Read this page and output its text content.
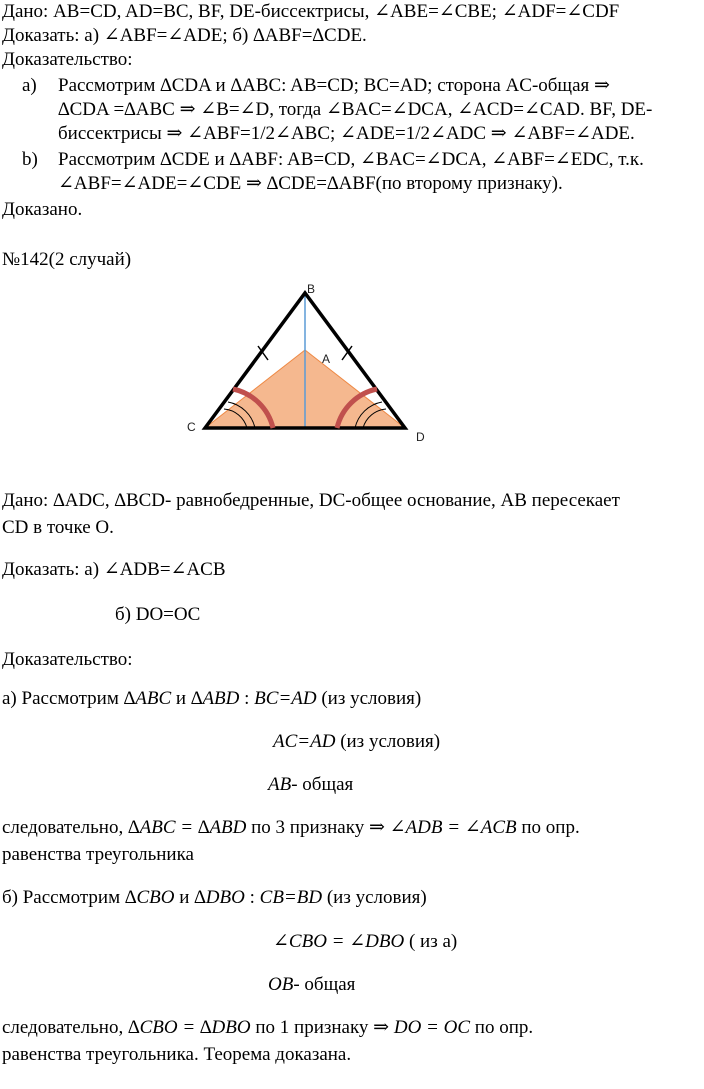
Дано: AB=CD, AD=BC, BF, DE-биссектрисы, ∠ABE=∠CBE; ∠ADF=∠CDF
Доказать: а) ∠ABF=∠ADE; б) ∆ABF=∆CDE.
Доказательство:
a) Рассмотрим ∆CDA и ∆ABC: AB=CD; BC=AD; сторона AC-общая ⇒
∆CDA =∆ABC ⇒ ∠B=∠D, тогда ∠BAC=∠DCA, ∠ACD=∠CAD. BF, DE-
биссектрисы ⇒ ∠ABF=1/2∠ABC; ∠ADE=1/2∠ADC ⇒ ∠ABF=∠ADE.
b) Рассмотрим ∆CDE и ∆ABF: AB=CD, ∠BAC=∠DCA, ∠ABF=∠EDC, т.к.
∠ABF=∠ADE=∠CDE ⇒ ∆CDE=∆ABF(по второму признаку).
Доказано.
№142(2 случай)
B
A
C
D
Дано: ∆ADC, ∆BCD- равнобедренные, DC-общее основание, AB пересекает
CD в точке O.
Доказать: а) ∠ADB=∠ACB
б) DO=OC
Доказательство:
а) Рассмотрим ∆ABC и ∆ABD : BC=AD (из условия)
AC=AD (из условия)
AB- общая
следовательно, ∆ABC = ∆ABD по 3 признаку ⇒ ∠ADB = ∠ACB по опр.
равенства треугольника
б) Рассмотрим ∆CBO и ∆DBO : CB=BD (из условия)
∠CBO = ∠DBO ( из а)
OB- общая
следовательно, ∆CBO = ∆DBO по 1 признаку ⇒ DO = OC по опр.
равенства треугольника. Теорема доказана.
